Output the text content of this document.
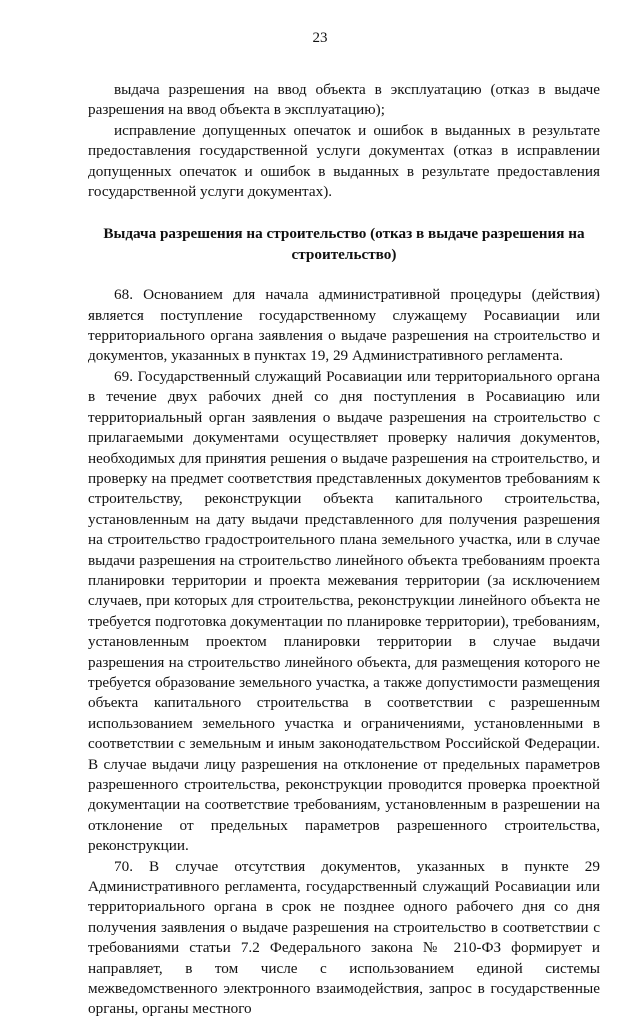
23

выдача разрешения на ввод объекта в эксплуатацию (отказ в выдаче разрешения на ввод объекта в эксплуатацию);

исправление допущенных опечаток и ошибок в выданных в результате предоставления государственной услуги документах (отказ в исправлении допущенных опечаток и ошибок в выданных в результате предоставления государственной услуги документах).

Выдача разрешения на строительство (отказ в выдаче разрешения на строительство)

68. Основанием для начала административной процедуры (действия) является поступление государственному служащему Росавиации или территориального органа заявления о выдаче разрешения на строительство и документов, указанных в пунктах 19, 29 Административного регламента.

69. Государственный служащий Росавиации или территориального органа в течение двух рабочих дней со дня поступления в Росавиацию или территориальный орган заявления о выдаче разрешения на строительство с прилагаемыми документами осуществляет проверку наличия документов, необходимых для принятия решения о выдаче разрешения на строительство, и проверку на предмет соответствия представленных документов требованиям к строительству, реконструкции объекта капитального строительства, установленным на дату выдачи представленного для получения разрешения на строительство градостроительного плана земельного участка, или в случае выдачи разрешения на строительство линейного объекта требованиям проекта планировки территории и проекта межевания территории (за исключением случаев, при которых для строительства, реконструкции линейного объекта не требуется подготовка документации по планировке территории), требованиям, установленным проектом планировки территории в случае выдачи разрешения на строительство линейного объекта, для размещения которого не требуется образование земельного участка, а также допустимости размещения объекта капитального строительства в соответствии с разрешенным использованием земельного участка и ограничениями, установленными в соответствии с земельным и иным законодательством Российской Федерации. В случае выдачи лицу разрешения на отклонение от предельных параметров разрешенного строительства, реконструкции проводится проверка проектной документации на соответствие требованиям, установленным в разрешении на отклонение от предельных параметров разрешенного строительства, реконструкции.

70. В случае отсутствия документов, указанных в пункте 29 Административного регламента, государственный служащий Росавиации или территориального органа в срок не позднее одного рабочего дня со дня получения заявления о выдаче разрешения на строительство в соответствии с требованиями статьи 7.2 Федерального закона № 210-ФЗ формирует и направляет, в том числе с использованием единой системы межведомственного электронного взаимодействия, запрос в государственные органы, органы местного
